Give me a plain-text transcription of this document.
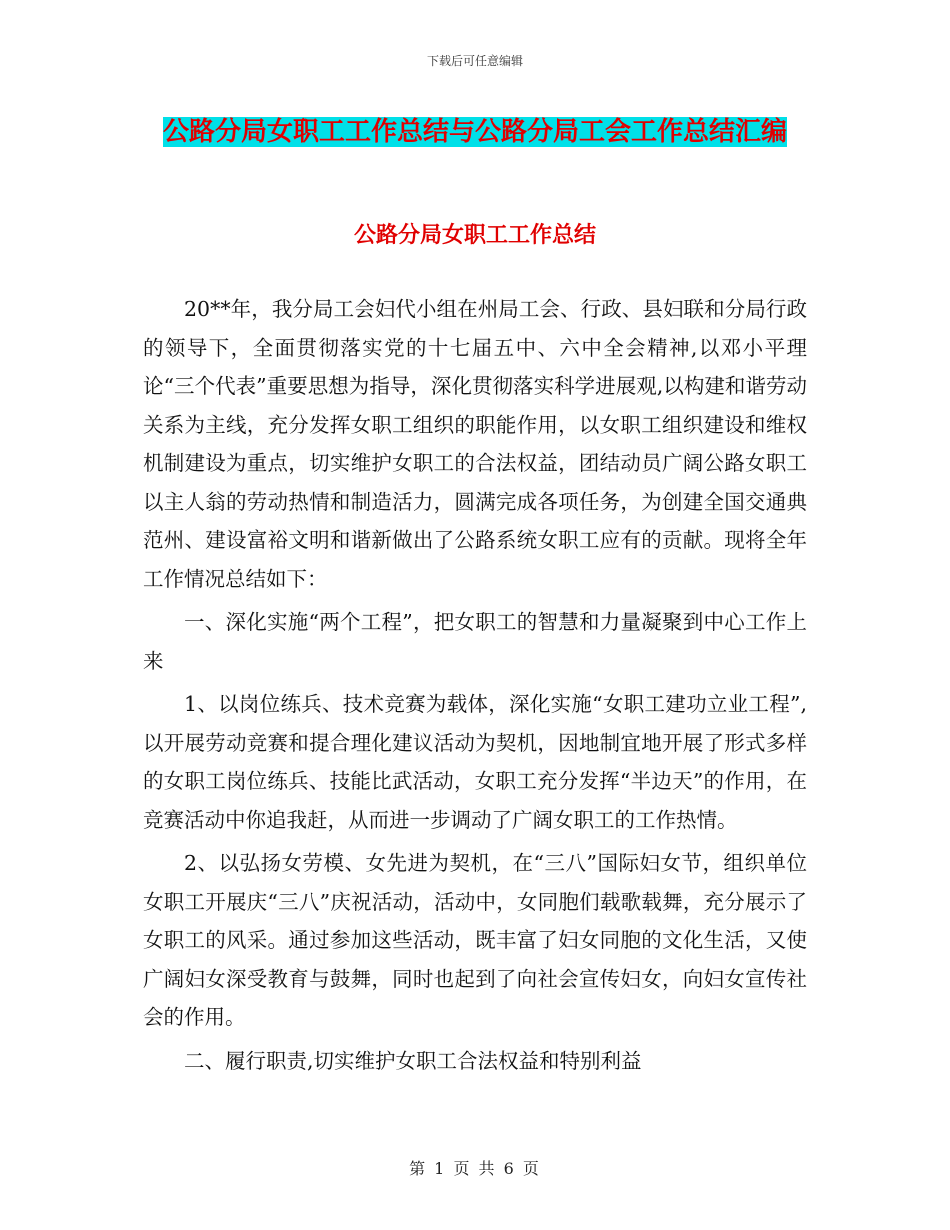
下载后可任意编辑
公路分局女职工工作总结与公路分局工会工作总结汇编
公路分局女职工工作总结

20**年，我分局工会妇代小组在州局工会、行政、县妇联和分局行政的领导下，全面贯彻落实党的十七届五中、六中全会精神,以邓小平理论“三个代表”重要思想为指导，深化贯彻落实科学进展观,以构建和谐劳动关系为主线，充分发挥女职工组织的职能作用，以女职工组织建设和维权机制建设为重点，切实维护女职工的合法权益，团结动员广阔公路女职工以主人翁的劳动热情和制造活力，圆满完成各项任务，为创建全国交通典范州、建设富裕文明和谐新做出了公路系统女职工应有的贡献。现将全年工作情况总结如下：

一、深化实施“两个工程”，把女职工的智慧和力量凝聚到中心工作上来

1、以岗位练兵、技术竞赛为载体，深化实施“女职工建功立业工程”,以开展劳动竞赛和提合理化建议活动为契机，因地制宜地开展了形式多样的女职工岗位练兵、技能比武活动，女职工充分发挥“半边天”的作用，在竞赛活动中你追我赶，从而进一步调动了广阔女职工的工作热情。

2、以弘扬女劳模、女先进为契机，在“三八”国际妇女节，组织单位女职工开展庆“三八”庆祝活动，活动中，女同胞们载歌载舞，充分展示了女职工的风采。通过参加这些活动，既丰富了妇女同胞的文化生活，又使广阔妇女深受教育与鼓舞，同时也起到了向社会宣传妇女，向妇女宣传社会的作用。

二、履行职责,切实维护女职工合法权益和特别利益

第 1 页 共 6 页
